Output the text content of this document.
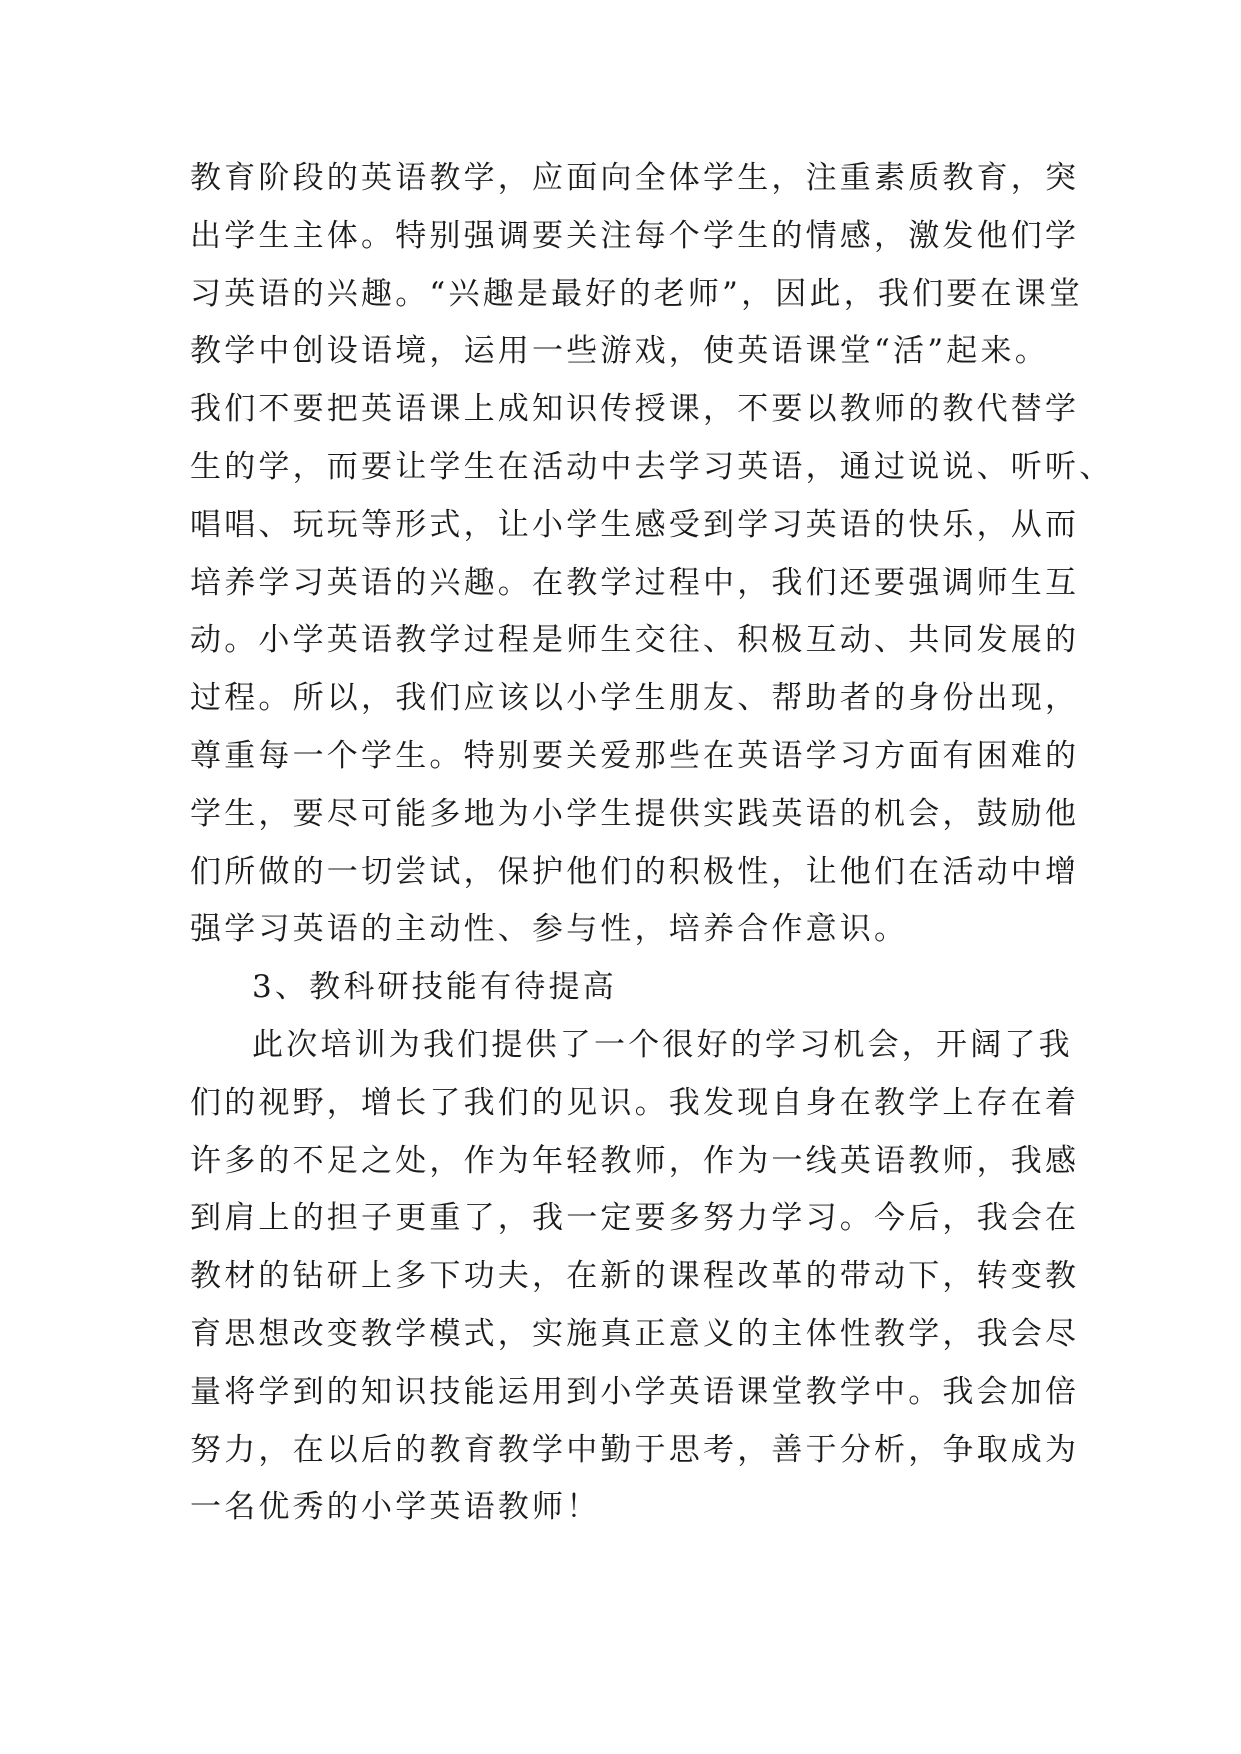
教育阶段的英语教学，应面向全体学生，注重素质教育，突
出学生主体。特别强调要关注每个学生的情感，激发他们学
习英语的兴趣。“兴趣是最好的老师”，因此，我们要在课堂
教学中创设语境，运用一些游戏，使英语课堂“活”起来。
我们不要把英语课上成知识传授课，不要以教师的教代替学
生的学，而要让学生在活动中去学习英语，通过说说、听听、
唱唱、玩玩等形式，让小学生感受到学习英语的快乐，从而
培养学习英语的兴趣。在教学过程中，我们还要强调师生互
动。小学英语教学过程是师生交往、积极互动、共同发展的
过程。所以，我们应该以小学生朋友、帮助者的身份出现，
尊重每一个学生。特别要关爱那些在英语学习方面有困难的
学生，要尽可能多地为小学生提供实践英语的机会，鼓励他
们所做的一切尝试，保护他们的积极性，让他们在活动中增
强学习英语的主动性、参与性，培养合作意识。
3、教科研技能有待提高
此次培训为我们提供了一个很好的学习机会，开阔了我
们的视野，增长了我们的见识。我发现自身在教学上存在着
许多的不足之处，作为年轻教师，作为一线英语教师，我感
到肩上的担子更重了，我一定要多努力学习。今后，我会在
教材的钻研上多下功夫，在新的课程改革的带动下，转变教
育思想改变教学模式，实施真正意义的主体性教学，我会尽
量将学到的知识技能运用到小学英语课堂教学中。我会加倍
努力，在以后的教育教学中勤于思考，善于分析，争取成为
一名优秀的小学英语教师！
